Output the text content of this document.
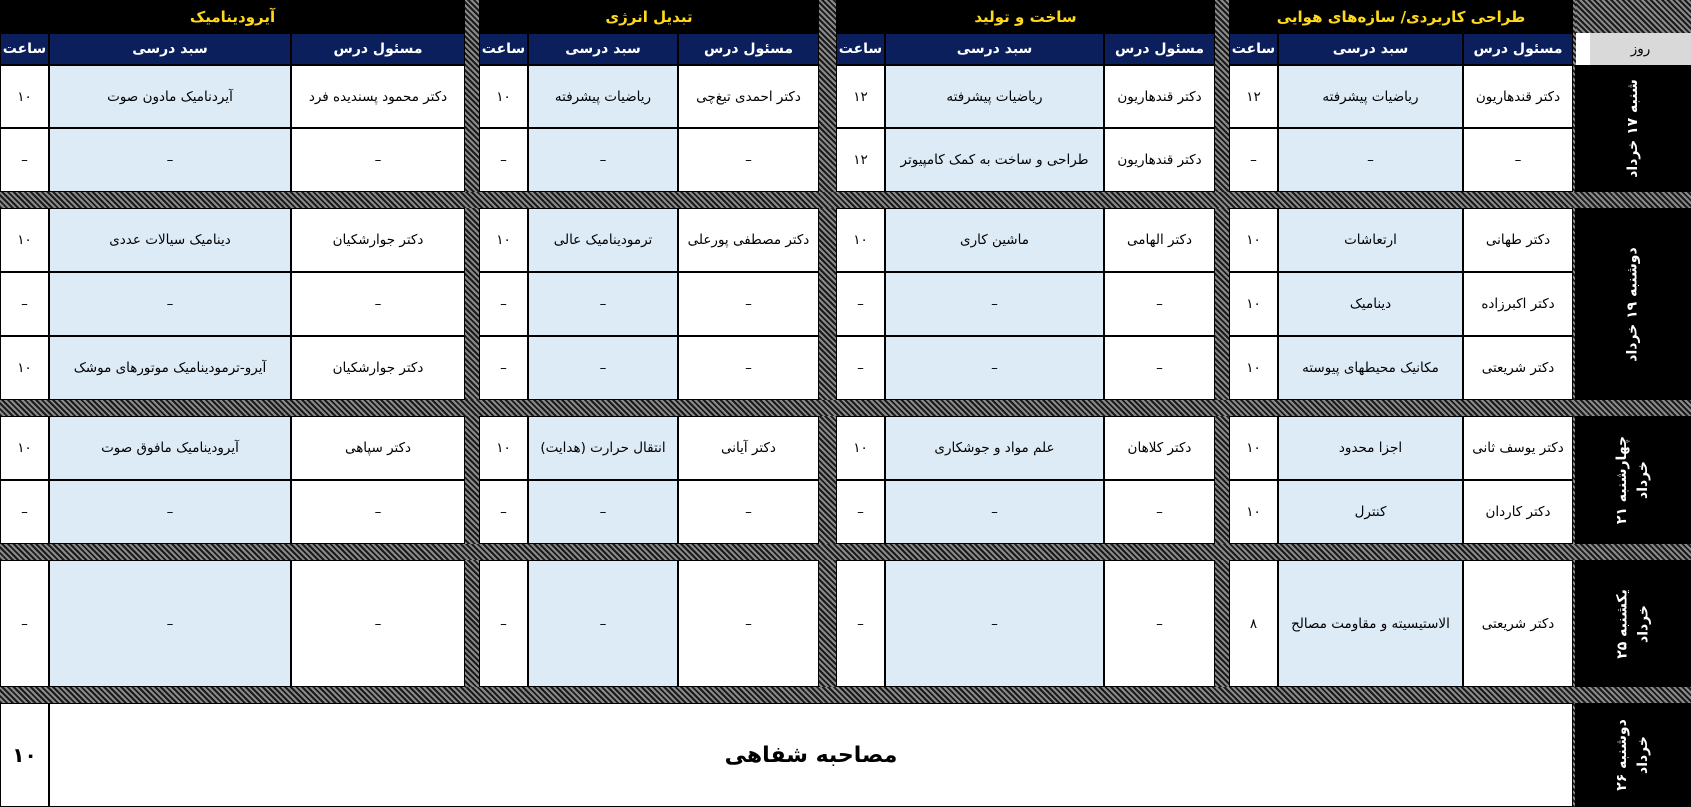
طراحی کاربردی/ سازه‌های هوایی
ساخت و تولید
تبدیل انرژی
آیرودینامیک
مسئول درس
سبد درسی
ساعت
مسئول درس
سبد درسی
ساعت
مسئول درس
سبد درسی
ساعت
مسئول درس
سبد درسی
ساعت	روز
شنبه ۱۷ خرداد
دکتر قندهاریون
ریاضیات پیشرفته
۱۲
دکتر قندهاریون
ریاضیات پیشرفته
۱۲
دکتر احمدی تیغ‌چی
ریاضیات پیشرفته
۱۰
دکتر محمود پسندیده فرد
آیردنامیک مادون صوت
۱۰
–
–
–
دکتر قندهاریون
طراحی و ساخت به کمک کامپیوتر
۱۲
–
–
–
–
–
–
دوشنبه ۱۹ خرداد
دکتر طهانی
ارتعاشات
۱۰
دکتر الهامی
ماشین کاری
۱۰
دکتر مصطفی پورعلی
ترمودینامیک عالی
۱۰
دکتر جوارشکیان
دینامیک سیالات عددی
۱۰
دکتر اکبرزاده
دینامیک
۱۰
–
–
–
–
–
–
–
–
–
دکتر شریعتی
مکانیک محیطهای پیوسته
۱۰
–
–
–
–
–
–
دکتر جوارشکیان
آیرو-ترمودینامیک موتورهای موشک
۱۰
چهارشنبه ۲۱ خرداد
دکتر یوسف ثانی
اجزا محدود
۱۰
دکتر کلاهان
علم مواد و جوشکاری
۱۰
دکتر آیانی
انتقال حرارت (هدایت)
۱۰
دکتر سپاهی
آیرودینامیک مافوق صوت
۱۰
دکتر کاردان
کنترل
۱۰
–
–
–
–
–
–
–
–
–
یکشنبه ۲۵ خرداد
دکتر شریعتی
الاستیسیته و مقاومت مصالح
۸
–
–
–
–
–
–
–
–
–
۱۰	مصاحبه شفاهی
دوشنبه ۲۶ خرداد
